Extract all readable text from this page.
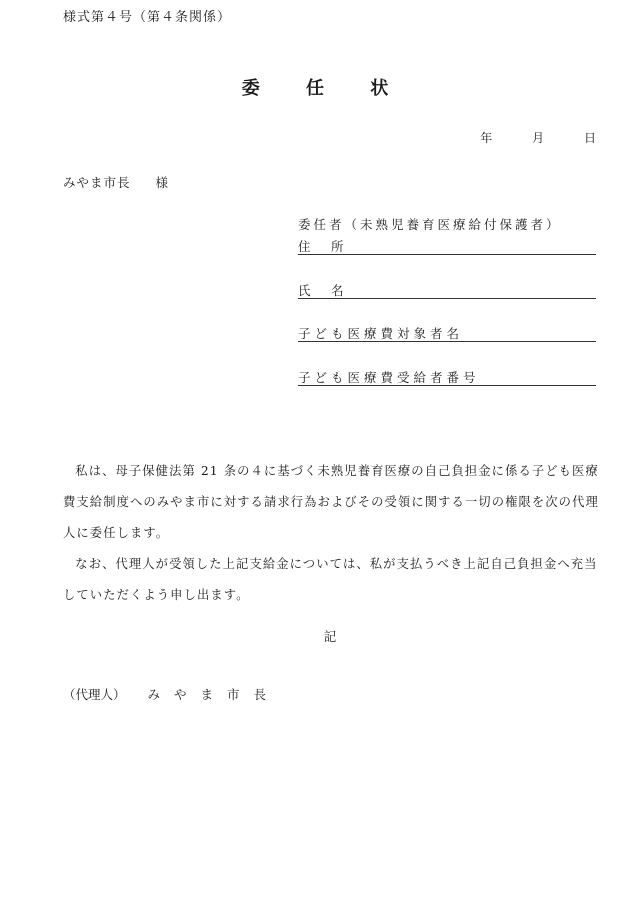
様式第４号（第４条関係）
委	任	状
年	月	日
みやま市長 様
委任者（未熟児養育医療給付保護者）
住　所
氏　名
子ども医療費対象者名
子ども医療費受給者番号

私は、母子保健法第 21 条の４に基づく未熟児養育医療の自己負担金に係る子ども医療費支給制度へのみやま市に対する請求行為およびその受領に関する一切の権限を次の代理人に委任します。

なお、代理人が受領した上記支給金については、私が支払うべき上記自己負担金へ充当していただくよう申し出ます。

記
（代理人） みやま市長
